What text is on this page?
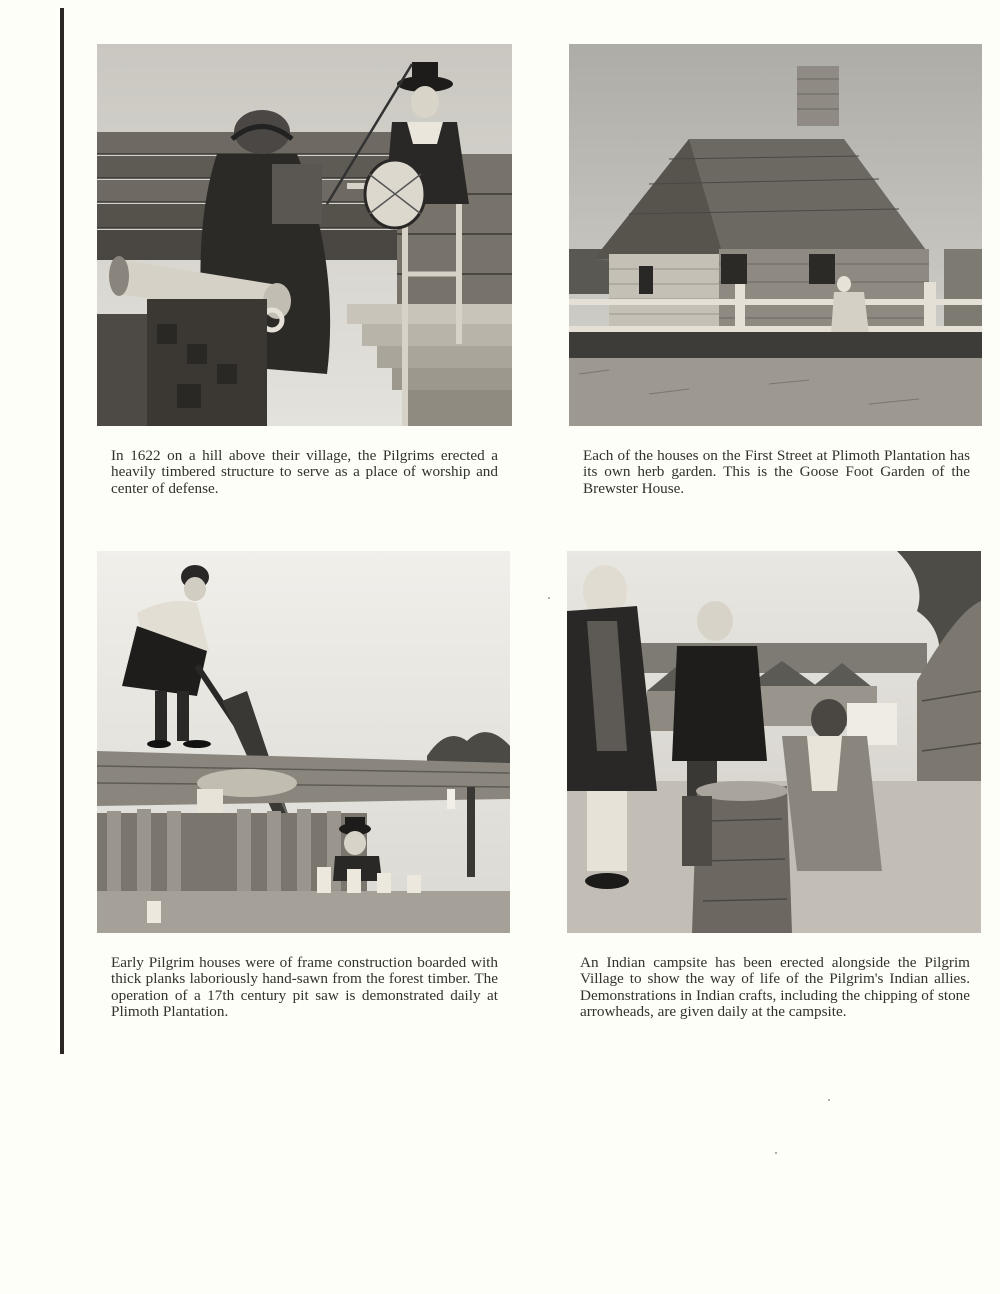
In 1622 on a hill above their village, the Pilgrims erected a heavily timbered structure to serve as a place of worship and center of defense.

Each of the houses on the First Street at Plimoth Plantation has its own herb garden. This is the Goose Foot Garden of the Brewster House.

Early Pilgrim houses were of frame construction boarded with thick planks laboriously hand-sawn from the forest timber. The operation of a 17th century pit saw is demonstrated daily at Plimoth Plantation.

An Indian campsite has been erected alongside the Pilgrim Village to show the way of life of the Pilgrim's Indian allies. Demonstrations in Indian crafts, including the chipping of stone arrowheads, are given daily at the campsite.
